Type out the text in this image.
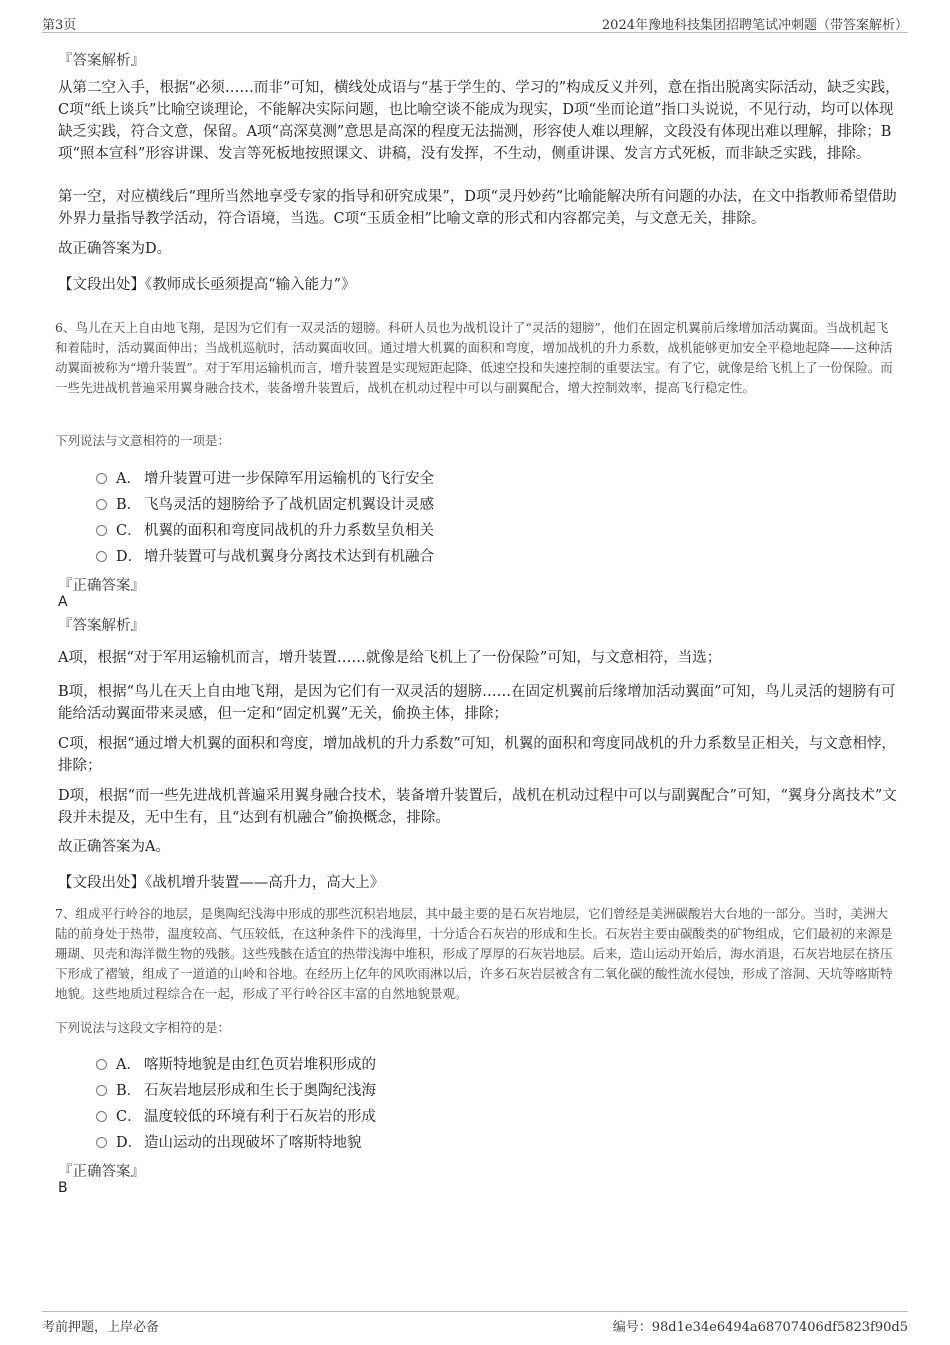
第3页	2024年豫地科技集团招聘笔试冲刺题（带答案解析）
『答案解析』
从第二空入手，根据“必须……而非”可知，横线处成语与“基于学生的、学习的”构成反义并列，意在指出脱离实际活动，缺乏实践，C项“纸上谈兵”比喻空谈理论，不能解决实际问题，也比喻空谈不能成为现实，D项“坐而论道”指口头说说，不见行动，均可以体现缺乏实践，符合文意，保留。A项“高深莫测”意思是高深的程度无法揣测，形容使人难以理解，文段没有体现出难以理解，排除；B项“照本宣科”形容讲课、发言等死板地按照课文、讲稿，没有发挥，不生动，侧重讲课、发言方式死板，而非缺乏实践，排除。
第一空，对应横线后“理所当然地享受专家的指导和研究成果”，D项“灵丹妙药”比喻能解决所有问题的办法，在文中指教师希望借助外界力量指导教学活动，符合语境，当选。C项“玉质金相”比喻文章的形式和内容都完美，与文意无关，排除。
故正确答案为D。
【文段出处】《教师成长亟须提高“输入能力”》
6、鸟儿在天上自由地飞翔，是因为它们有一双灵活的翅膀。科研人员也为战机设计了“灵活的翅膀”，他们在固定机翼前后缘增加活动翼面。当战机起飞和着陆时，活动翼面伸出；当战机巡航时，活动翼面收回。通过增大机翼的面积和弯度，增加战机的升力系数，战机能够更加安全平稳地起降——这种活动翼面被称为“增升装置”。对于军用运输机而言，增升装置是实现短距起降、低速空投和失速控制的重要法宝。有了它，就像是给飞机上了一份保险。而一些先进战机普遍采用翼身融合技术，装备增升装置后，战机在机动过程中可以与副翼配合，增大控制效率，提高飞行稳定性。
下列说法与文意相符的一项是：
A． 增升装置可进一步保障军用运输机的飞行安全
B． 飞鸟灵活的翅膀给予了战机固定机翼设计灵感
C． 机翼的面积和弯度同战机的升力系数呈负相关
D． 增升装置可与战机翼身分离技术达到有机融合
『正确答案』
A
『答案解析』
A项，根据“对于军用运输机而言，增升装置……就像是给飞机上了一份保险”可知，与文意相符，当选；
B项，根据“鸟儿在天上自由地飞翔，是因为它们有一双灵活的翅膀……在固定机翼前后缘增加活动翼面”可知，鸟儿灵活的翅膀有可能给活动翼面带来灵感，但一定和“固定机翼”无关，偷换主体，排除；
C项，根据“通过增大机翼的面积和弯度，增加战机的升力系数”可知，机翼的面积和弯度同战机的升力系数呈正相关，与文意相悖，排除；
D项，根据“而一些先进战机普遍采用翼身融合技术，装备增升装置后，战机在机动过程中可以与副翼配合”可知，“翼身分离技术”文段并未提及，无中生有，且“达到有机融合”偷换概念，排除。
故正确答案为A。
【文段出处】《战机增升装置——高升力，高大上》
7、组成平行岭谷的地层，是奥陶纪浅海中形成的那些沉积岩地层，其中最主要的是石灰岩地层，它们曾经是美洲碳酸岩大台地的一部分。当时，美洲大陆的前身处于热带，温度较高、气压较低，在这种条件下的浅海里，十分适合石灰岩的形成和生长。石灰岩主要由碳酸类的矿物组成，它们最初的来源是珊瑚、贝壳和海洋微生物的残骸。这些残骸在适宜的热带浅海中堆积，形成了厚厚的石灰岩地层。后来，造山运动开始后，海水消退，石灰岩地层在挤压下形成了褶皱，组成了一道道的山岭和谷地。在经历上亿年的风吹雨淋以后，许多石灰岩层被含有二氧化碳的酸性流水侵蚀，形成了溶洞、天坑等喀斯特地貌。这些地质过程综合在一起，形成了平行岭谷区丰富的自然地貌景观。
下列说法与这段文字相符的是：
A． 喀斯特地貌是由红色页岩堆积形成的
B． 石灰岩地层形成和生长于奥陶纪浅海
C． 温度较低的环境有利于石灰岩的形成
D． 造山运动的出现破坏了喀斯特地貌
『正确答案』
B
考前押题，上岸必备	编号：98d1e34e6494a68707406df5823f90d5
